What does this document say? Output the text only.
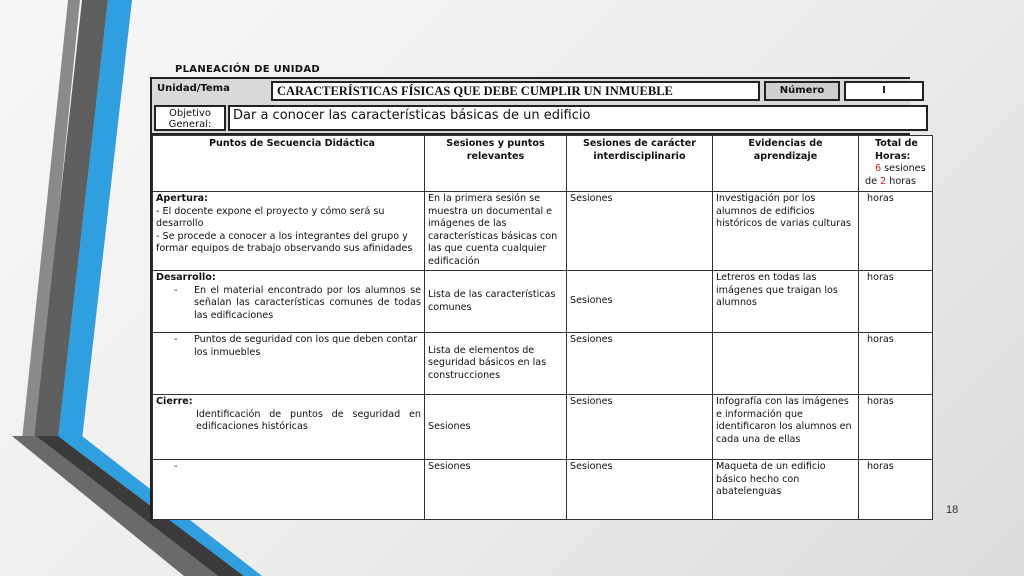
PLANEACIÓN DE UNIDAD
Unidad/Tema	CARACTERÍSTICAS FÍSICAS QUE DEBE CUMPLIR UN INMUEBLE	Número	I
Objetivo
General:
Dar a conocer las características básicas de un edificio
Puntos de Secuencia Didáctica	Sesiones y puntos relevantes	Sesiones de carácter interdisciplinario	Evidencias de aprendizaje	Total de
Horas:
6 sesiones
de 2 horas

Apertura:
- El docente expone el proyecto y cómo será su desarrollo
- Se procede a conocer a los integrantes del grupo y formar equipos de trabajo observando sus afinidades	En la primera sesión se muestra un documental e imágenes de las características básicas con las que cuenta cualquier edificación	Sesiones	Investigación por los alumnos de edificios históricos de varias culturas	horas

Desarrollo:
- En el material encontrado por los alumnos se señalan las características comunes de todas las edificaciones	Lista de las características comunes	Sesiones	Letreros en todas las imágenes que traigan los alumnos	horas

- Puntos de seguridad con los que deben contar los inmuebles	Lista de elementos de seguridad básicos en las construcciones	Sesiones		horas

Cierre:
Identificación de puntos de seguridad en edificaciones históricas	Sesiones	Sesiones	Infografía con las imágenes e información que identificaron los alumnos en cada una de ellas	horas

-	Sesiones	Sesiones	Maqueta de un edificio básico hecho con abatelenguas	horas
18
